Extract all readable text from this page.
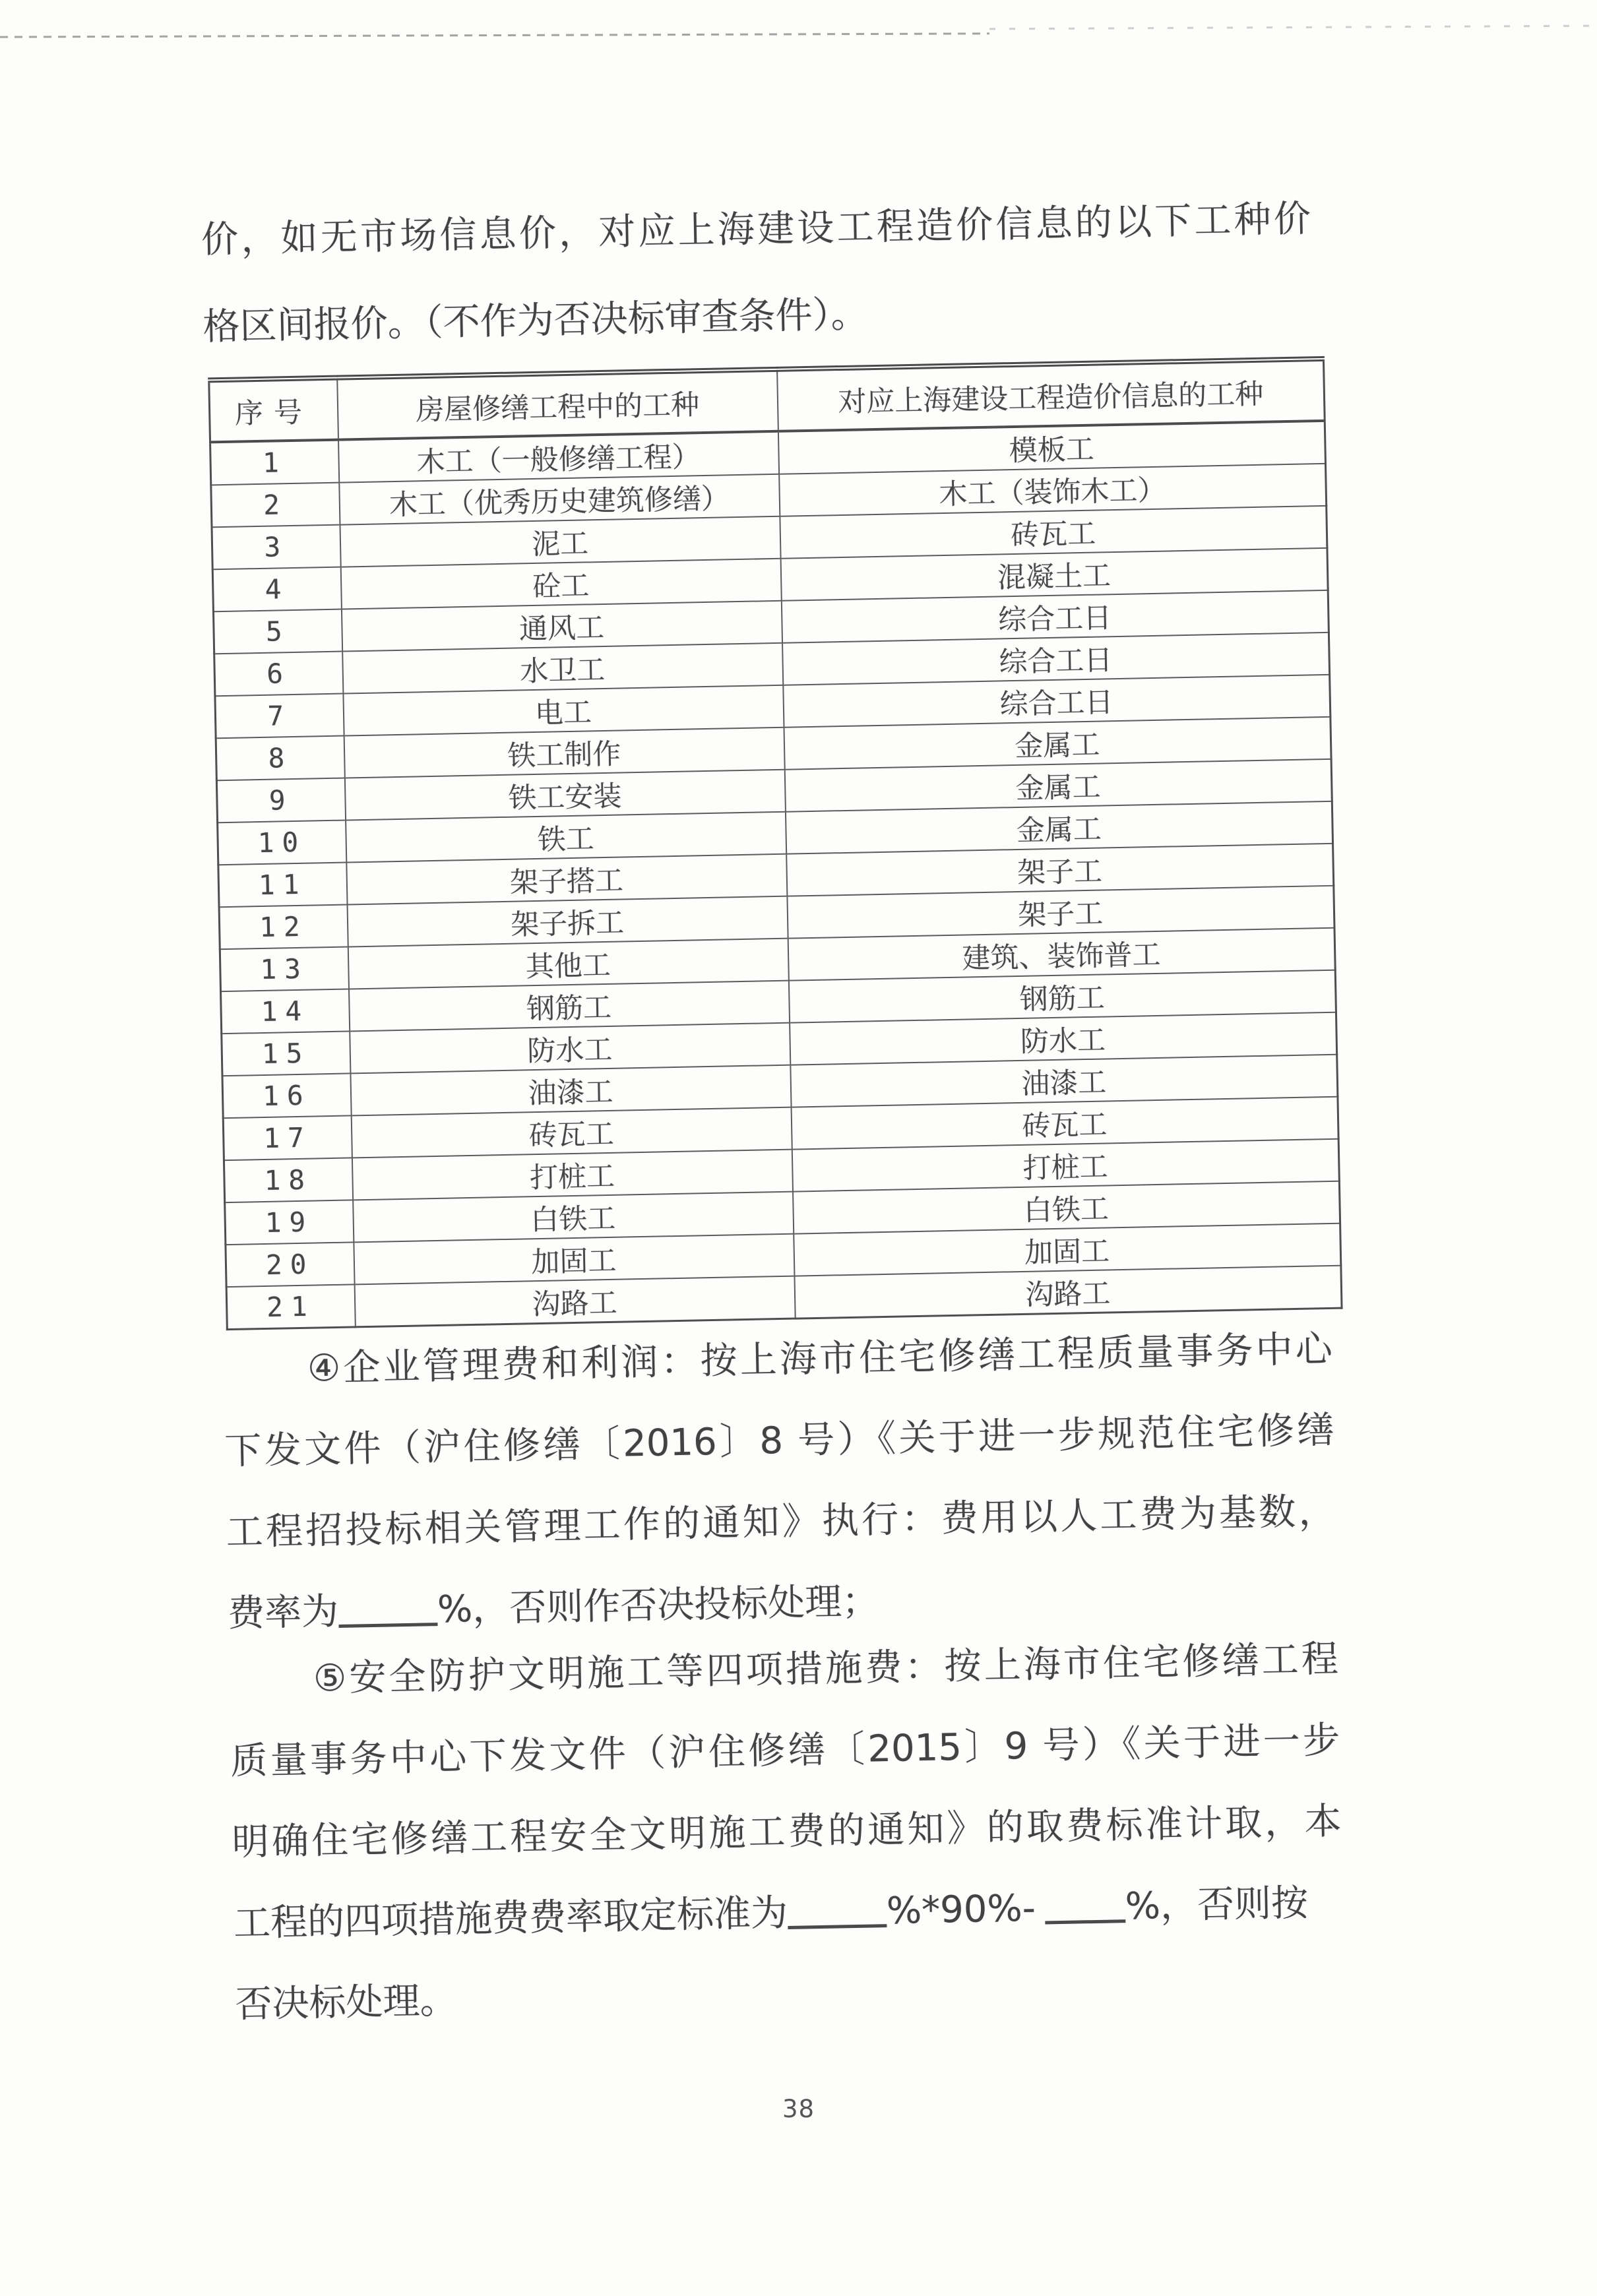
价，如无市场信息价，对应上海建设工程造价信息的以下工种价
格区间报价。（不作为否决标审查条件）。
序号	房屋修缮工程中的工种	对应上海建设工程造价信息的工种
1	木工（一般修缮工程）	模板工
2	木工（优秀历史建筑修缮）	木工（装饰木工）
3	泥工	砖瓦工
4	砼工	混凝土工
5	通风工	综合工日
6	水卫工	综合工日
7	电工	综合工日
8	铁工制作	金属工
9	铁工安装	金属工
10	铁工	金属工
11	架子搭工	架子工
12	架子拆工	架子工
13	其他工	建筑、装饰普工
14	钢筋工	钢筋工
15	防水工	防水工
16	油漆工	油漆工
17	砖瓦工	砖瓦工
18	打桩工	打桩工
19	白铁工	白铁工
20	加固工	加固工
21	沟路工	沟路工
④企业管理费和利润：按上海市住宅修缮工程质量事务中心
下发文件（沪住修缮〔2016〕8 号）《关于进一步规范住宅修缮
工程招投标相关管理工作的通知》执行：费用以人工费为基数，
费率为	%，否则作否决投标处理；
⑤安全防护文明施工等四项措施费：按上海市住宅修缮工程
质量事务中心下发文件（沪住修缮〔2015〕9 号）《关于进一步
明确住宅修缮工程安全文明施工费的通知》的取费标准计取，本
工程的四项措施费费率取定标准为	%*90%- %，否则按
否决标处理。
38
